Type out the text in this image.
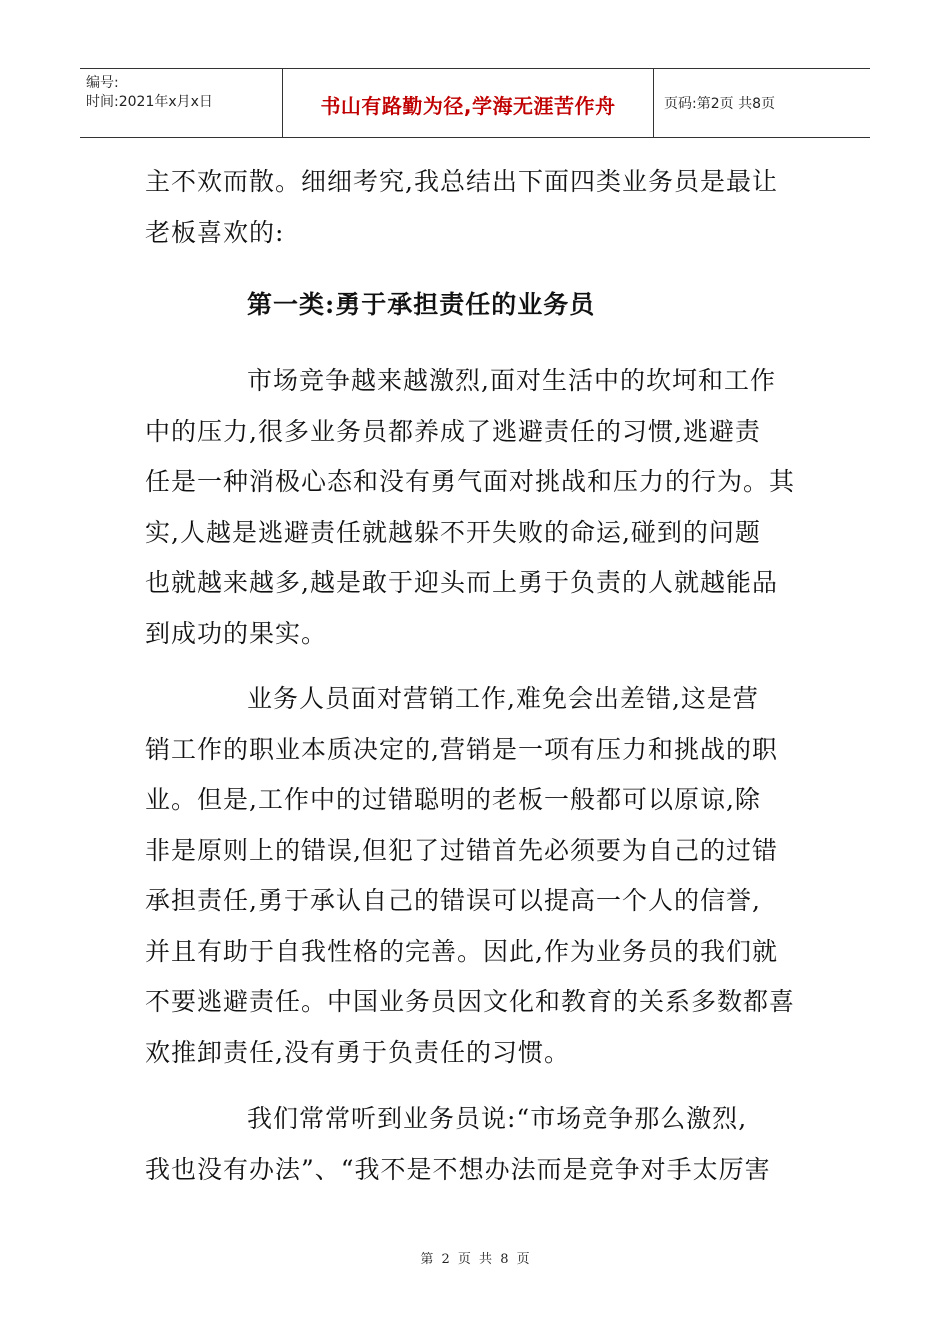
编号:
时间:2021年x月x日	书山有路勤为径,学海无涯苦作舟	页码:第2页 共8页
主不欢而散。细细考究,我总结出下面四类业务员是最让
老板喜欢的:
第一类:勇于承担责任的业务员
市场竞争越来越激烈,面对生活中的坎坷和工作
中的压力,很多业务员都养成了逃避责任的习惯,逃避责
任是一种消极心态和没有勇气面对挑战和压力的行为。其
实,人越是逃避责任就越躲不开失败的命运,碰到的问题
也就越来越多,越是敢于迎头而上勇于负责的人就越能品
到成功的果实。
业务人员面对营销工作,难免会出差错,这是营
销工作的职业本质决定的,营销是一项有压力和挑战的职
业。但是,工作中的过错聪明的老板一般都可以原谅,除
非是原则上的错误,但犯了过错首先必须要为自己的过错
承担责任,勇于承认自己的错误可以提高一个人的信誉,
并且有助于自我性格的完善。因此,作为业务员的我们就
不要逃避责任。中国业务员因文化和教育的关系多数都喜
欢推卸责任,没有勇于负责任的习惯。
我们常常听到业务员说:“市场竞争那么激烈,
我也没有办法”、“我不是不想办法而是竞争对手太厉害
第 2 页 共 8 页
